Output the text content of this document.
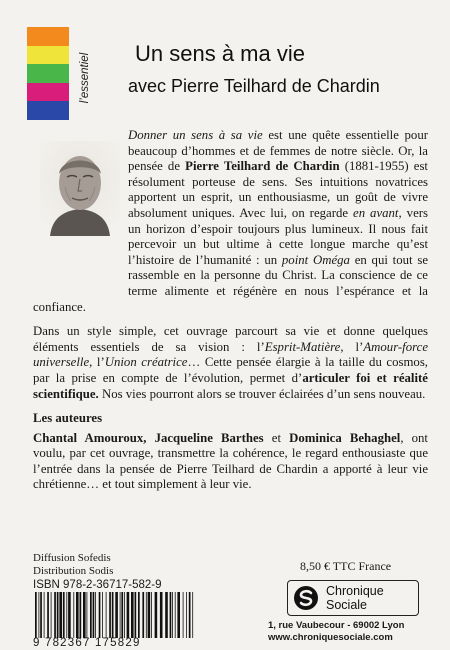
l’essentiel Un sens à ma vie
avec Pierre Teilhard de Chardin

Donner un sens à sa vie est une quête essentielle pour beaucoup d’hommes et de femmes de notre siècle. Or, la pensée de Pierre Teilhard de Chardin (1881-1955) est résolument porteuse de sens. Ses intuitions novatrices apportent un esprit, un enthousiasme, un goût de vivre absolument uniques. Avec lui, on regarde en avant, vers un horizon d’espoir toujours plus lumineux. Il nous fait percevoir un but ultime à cette longue marche qu’est l’histoire de l’humanité : un point Oméga en qui tout se rassemble en la personne du Christ. La conscience de ce terme alimente et régénère en nous l’espérance et la confiance.

Dans un style simple, cet ouvrage parcourt sa vie et donne quelques éléments essentiels de sa vision : l’Esprit-Matière, l’Amour-force universelle, l’Union créatrice… Cette pensée élargie à la taille du cosmos, par la prise en compte de l’évolution, permet d’articuler foi et réalité scientifique. Nos vies pourront alors se trouver éclairées d’un sens nouveau.

Les auteures

Chantal Amouroux, Jacqueline Barthes et Dominica Behaghel, ont voulu, par cet ouvrage, transmettre la cohérence, le regard enthousiaste que l’entrée dans la pensée de Pierre Teilhard de Chardin a apporté à leur vie chrétienne… et tout simplement à leur vie.

Diffusion Sofedis
Distribution Sodis
ISBN 978-2-36717-582-9
9 782367 175829
8,50 € TTC France
Chronique
Sociale
1, rue Vaubecour - 69002 Lyon
www.chroniquesociale.com
